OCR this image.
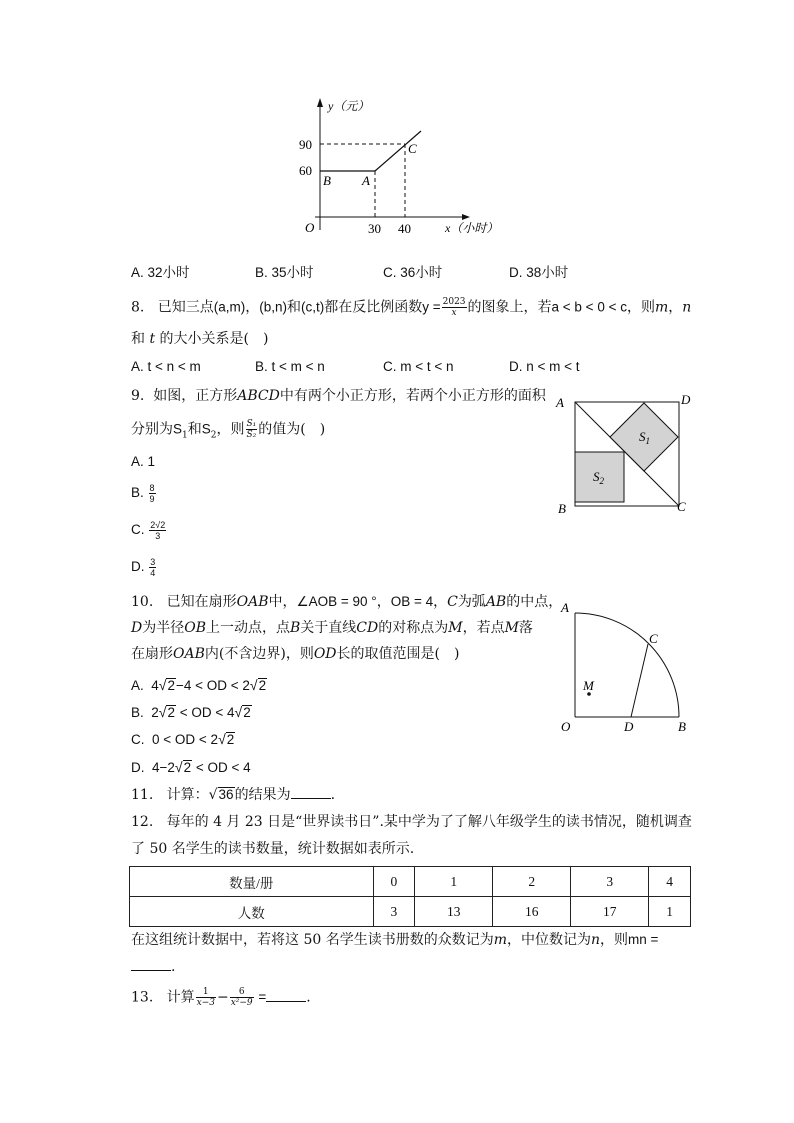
y（元）
x（小时）
O
90
60
30 40
B A
C
A. 32小时	B. 35小时	C. 36小时	D. 38小时
8. 已知三点(a,m)，(b,n)和(c,t)都在反比例函数$y = \frac{2023}{x}$ 的图象上，若a < b < 0 < c，则m，n
和 t 的大小关系是(　)
A. t < n < m	B. t < m < n	C. m < t < n	D. n < m < t
9. 如图，正方形ABCD中有两个小正方形，若两个小正方形的面积
分别为$S_1$和$S_2$，则 $\frac{\text{S₁}}{\text{S₂}}$ 的值为(　)
A. 1
B. $\frac{8}{9}$
C. $\frac{2√2}{3}$
D. $\frac{3}{4}$
A	D
B	C
$S_1$
$S_2$
10. 已知在扇形OAB中，∠AOB = 90 °，OB = 4，C为弧AB的中点，
D为半径OB上一动点，点B关于直线CD的对称点为M，若点M落
在扇形OAB内(不含边界)，则OD长的取值范围是(　)
A. 4√2−4 < OD < 2√2
B. 2√2 < OD < 4√2
C. 0 < OD < 2√2
D. 4−2√2 < OD < 4
A
C
M
O	D	B
11. 计算：√36的结果为	.
12. 每年的 4 月 23 日是“世界读书日”.某中学为了了解八年级学生的读书情况，随机调查
了 50 名学生的读书数量，统计数据如表所示.
数量/册	0	1	2	3	4
人数	3	13	16	17	1
在这组统计数据中，若将这 50 名学生读书册数的众数记为m，中位数记为n，则mn =
.
13. 计算 $\frac{1}{x-3} - \frac{6}{\text{x²−9}}$ =	.
